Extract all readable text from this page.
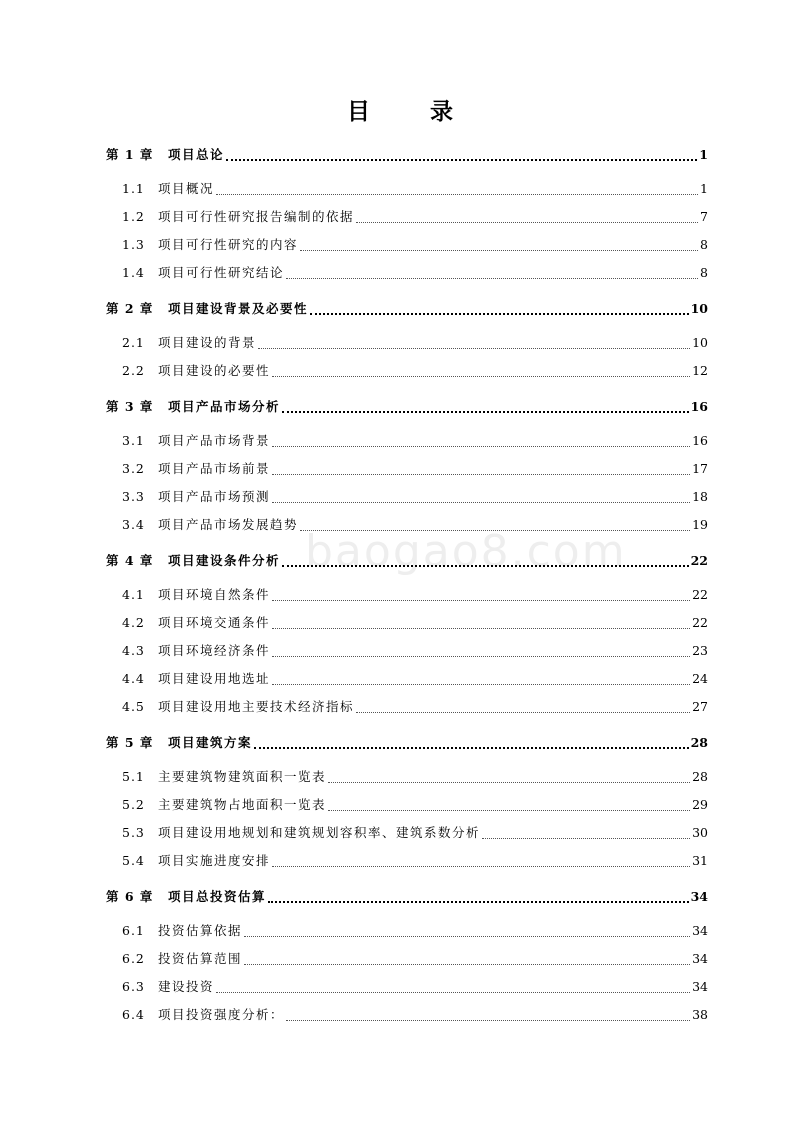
目 录
baogao8.com
第 1 章	项目总论	1
1.1	项目概况	1
1.2	项目可行性研究报告编制的依据	7
1.3	项目可行性研究的内容	8
1.4	项目可行性研究结论	8
第 2 章	项目建设背景及必要性	10
2.1	项目建设的背景	10
2.2	项目建设的必要性	12
第 3 章	项目产品市场分析	16
3.1	项目产品市场背景	16
3.2	项目产品市场前景	17
3.3	项目产品市场预测	18
3.4	项目产品市场发展趋势	19
第 4 章	项目建设条件分析	22
4.1	项目环境自然条件	22
4.2	项目环境交通条件	22
4.3	项目环境经济条件	23
4.4	项目建设用地选址	24
4.5	项目建设用地主要技术经济指标	27
第 5 章	项目建筑方案	28
5.1	主要建筑物建筑面积一览表	28
5.2	主要建筑物占地面积一览表	29
5.3	项目建设用地规划和建筑规划容积率、建筑系数分析	30
5.4	项目实施进度安排	31
第 6 章	项目总投资估算	34
6.1	投资估算依据	34
6.2	投资估算范围	34
6.3	建设投资	34
6.4	项目投资强度分析：	38
